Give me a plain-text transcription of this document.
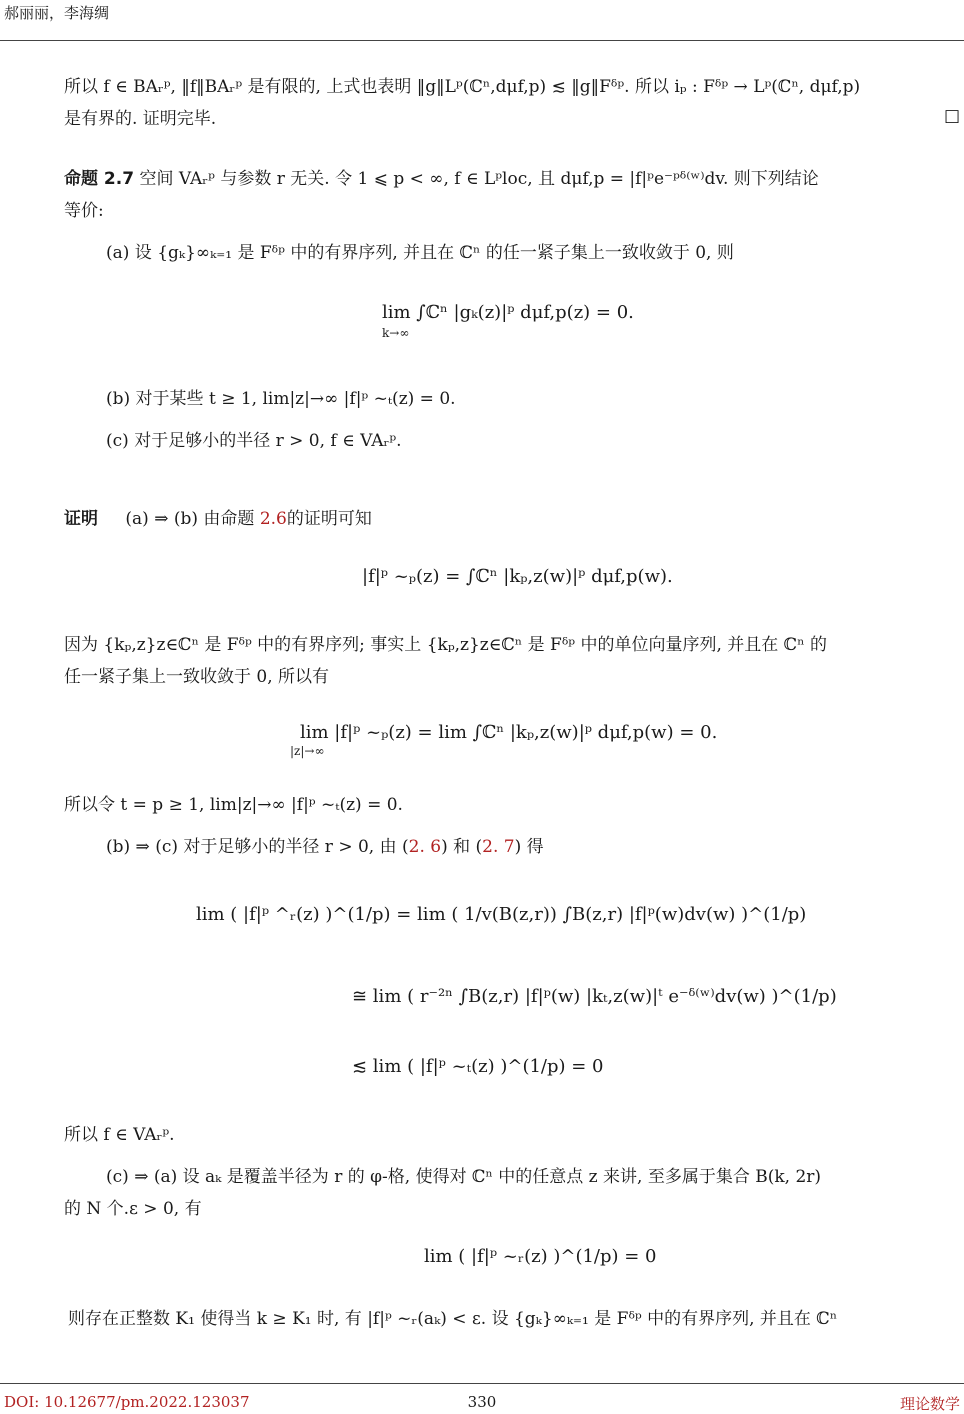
郝丽丽，李海绸
所以 f ∈ BAᵣᵖ, ‖f‖BAᵣᵖ 是有限的, 上式也表明 ‖g‖Lᵖ(ℂⁿ,dμf,p) ≲ ‖g‖Fᵟᵖ. 所以 iₚ : Fᵟᵖ → Lᵖ(ℂⁿ, dμf,p)
是有界的. 证明完毕.	□
命题 2.7 空间 VAᵣᵖ 与参数 r 无关. 令 1 ⩽ p < ∞, f ∈ Lᵖloc, 且 dμf,p = |f|ᵖe⁻ᵖᵟ⁽ʷ⁾dv. 则下列结论
等价:
(a) 设 {gₖ}∞ₖ₌₁ 是 Fᵟᵖ 中的有界序列, 并且在 ℂⁿ 的任一紧子集上一致收敛于 0, 则
lim ∫ℂⁿ |gₖ(z)|ᵖ dμf,p(z) = 0.
k→∞
(b) 对于某些 t ≥ 1, lim|z|→∞ |f|ᵖ ~ₜ(z) = 0.
(c) 对于足够小的半径 r > 0, f ∈ VAᵣᵖ.
证明 (a) ⇒ (b) 由命题 2.6的证明可知
|f|ᵖ ~ₚ(z) = ∫ℂⁿ |kₚ,z(w)|ᵖ dμf,p(w).
因为 {kₚ,z}z∈ℂⁿ 是 Fᵟᵖ 中的有界序列; 事实上 {kₚ,z}z∈ℂⁿ 是 Fᵟᵖ 中的单位向量序列, 并且在 ℂⁿ 的
任一紧子集上一致收敛于 0, 所以有
lim |f|ᵖ ~ₚ(z) = lim ∫ℂⁿ |kₚ,z(w)|ᵖ dμf,p(w) = 0.
|z|→∞
所以令 t = p ≥ 1, lim|z|→∞ |f|ᵖ ~ₜ(z) = 0.
(b) ⇒ (c) 对于足够小的半径 r > 0, 由 (2. 6) 和 (2. 7) 得
lim ( |f|ᵖ ^ᵣ(z) )^(1/p) = lim ( 1/v(B(z,r)) ∫B(z,r) |f|ᵖ(w)dv(w) )^(1/p)
≅ lim ( r⁻²ⁿ ∫B(z,r) |f|ᵖ(w) |kₜ,z(w)|ᵗ e⁻ᵟ⁽ʷ⁾dv(w) )^(1/p)
≲ lim ( |f|ᵖ ~ₜ(z) )^(1/p) = 0
所以 f ∈ VAᵣᵖ.
(c) ⇒ (a) 设 aₖ 是覆盖半径为 r 的 φ-格, 使得对 ℂⁿ 中的任意点 z 来讲, 至多属于集合 B(k, 2r)
的 N 个.ε > 0, 有
lim ( |f|ᵖ ~ᵣ(z) )^(1/p) = 0
则存在正整数 K₁ 使得当 k ≥ K₁ 时, 有 |f|ᵖ ~ᵣ(aₖ) < ε. 设 {gₖ}∞ₖ₌₁ 是 Fᵟᵖ 中的有界序列, 并且在 ℂⁿ
DOI: 10.12677/pm.2022.123037	330	理论数学
